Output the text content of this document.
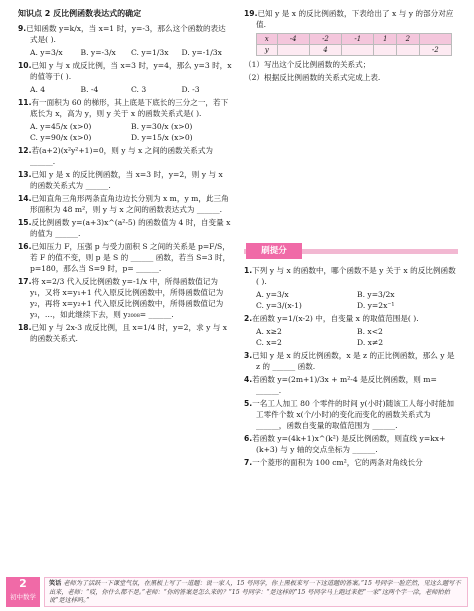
知识点 2 反比例函数表达式的确定
9.已知函数 y=k/x，当 x=1 时，y=-3，那么这个函数的表达式是( ).
A. y=3/x	B. y=-3/x	C. y=1/3x	D. y=-1/3x
10.已知 y 与 x 成反比例，当 x=3 时，y=4，那么 y=3 时，x 的值等于( ).
A. 4	B. -4	C. 3	D. -3
11.有一面积为 60 的梯形，其上底是下底长的三分之一，若下底长为 x，高为 y，则 y 关于 x 的函数关系式是( ).
A. y=45/x (x>0)	B. y=30/x (x>0)
C. y=90/x (x>0)	D. y=15/x (x>0)
12.若(a+2)(x²y²+1)=0，则 y 与 x 之间的函数关系式为 ______.
13.已知 y 是 x 的反比例函数，当 x=3 时，y=2，则 y 与 x 的函数关系式为 ______.
14.已知直角三角形两条直角边边长分别为 x m，y m，此三角形面积为 48 m²，则 y 与 x 之间的函数表达式为 ______.
15.反比例函数 y=(a+3)x^(a²-5) 的函数值为 4 时，自变量 x 的值为 ______.
16.已知压力 F，压强 p 与受力面积 S 之间的关系是 p=F/S，若 F 的值不变，则 p 是 S 的 ______ 函数，若当 S=3 时，p=180，那么当 S=9 时，p= ______.
17.将 x=2/3 代入反比例函数 y=-1/x 中，所得函数值记为 y₁，又将 x=y₁+1 代入原反比例函数中，所得函数值记为 y₂，再将 x=y₂+1 代入原反比例函数中，所得函数值记为 y₃，…，如此继续下去，则 y₂₀₀₈= ______.
18.已知 y 与 2x-3 成反比例，且 x=1/4 时，y=2，求 y 与 x 的函数关系式.
19.已知 y 是 x 的反比例函数，下表给出了 x 与 y 的部分对应值.
x	-4	-2	-1	1	2	
y		4				-2
（1）写出这个反比例函数的关系式；
（2）根据反比例函数的关系式完成上表.
刷提分
1.下列 y 与 x 的函数中，哪个函数不是 y 关于 x 的反比例函数( ).
A. y=3/x	B. y=3/2x
C. y=3/(x-1)	D. y=2x⁻¹
2.在函数 y=1/(x-2) 中，自变量 x 的取值范围是( ).
A. x≥2	B. x<2
C. x=2	D. x≠2
3.已知 y 是 x 的反比例函数，x 是 z 的正比例函数，那么 y 是 z 的 ______ 函数.
4.若函数 y=(2m+1)/3x + m²-4 是反比例函数，则 m= ______.
5.一名工人加工 80 个零件的时间 y(小时)随该工人每小时能加工零件个数 x(个/小时)的变化而变化的函数关系式为 ______，函数自变量的取值范围为 ______.
6.若函数 y=(4k+1)x^(k²) 是反比例函数，则直线 y=kx+(k+3) 与 y 轴的交点坐标为 ______.
7.一个菱形的面积为 100 cm²，它的两条对角线长分
2
初中数学
笑话 老师为了活跃一下课堂气氛，在黑板上写了一道题：说一家人，15 号同学，你上黑板来写一下这道题的答案。”15 号同学一脸茫然，见这么题写不出来，老师：“哎，你什么都不是。”老师：“你的答案是怎么来的？”15 号同学：“是这样的”15 号同学马上跑过来把“一家”这两个字一涂，老师拍拍说“是这样吗。”
